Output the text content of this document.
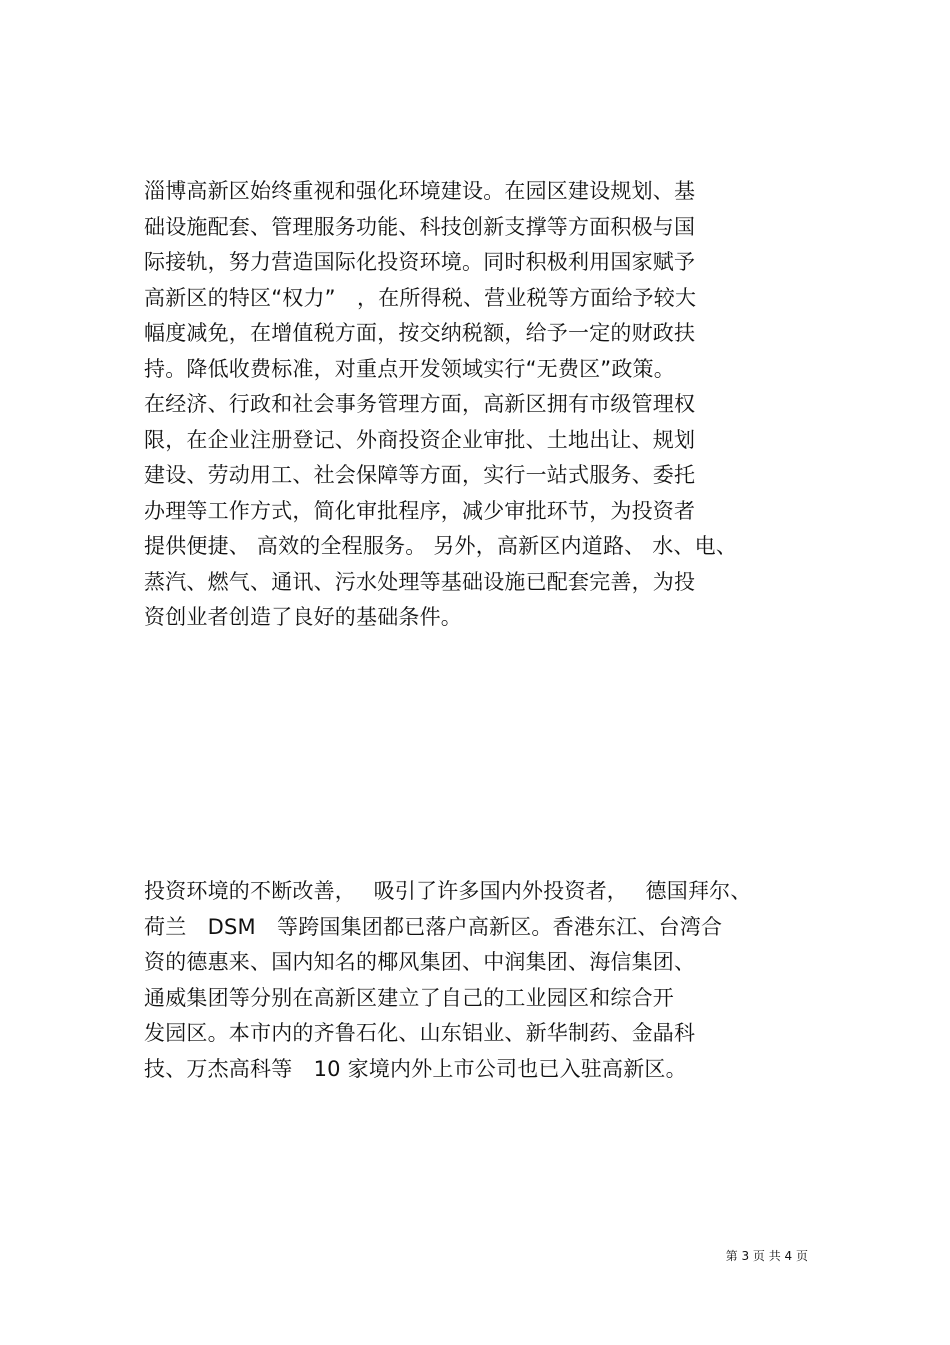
淄博高新区始终重视和强化环境建设。在园区建设规划、基
础设施配套、管理服务功能、科技创新支撑等方面积极与国
际接轨，努力营造国际化投资环境。同时积极利用国家赋予
高新区的特区“权力”　，在所得税、营业税等方面给予较大
幅度减免，在增值税方面，按交纳税额，给予一定的财政扶
持。降低收费标准，对重点开发领域实行“无费区”政策。
在经济、行政和社会事务管理方面，高新区拥有市级管理权
限，在企业注册登记、外商投资企业审批、土地出让、规划
建设、劳动用工、社会保障等方面，实行一站式服务、委托
办理等工作方式，简化审批程序，减少审批环节，为投资者
提供便捷、 高效的全程服务。 另外，高新区内道路、 水、电、
蒸汽、燃气、通讯、污水处理等基础设施已配套完善，为投
资创业者创造了良好的基础条件。
投资环境的不断改善，　 吸引了许多国内外投资者，　 德国拜尔、
荷兰　DSM　等跨国集团都已落户高新区。香港东江、台湾合
资的德惠来、国内知名的椰风集团、中润集团、海信集团、
通威集团等分别在高新区建立了自己的工业园区和综合开
发园区。本市内的齐鲁石化、山东铝业、新华制药、金晶科
技、万杰高科等　10 家境内外上市公司也已入驻高新区。
第 3 页 共 4 页
